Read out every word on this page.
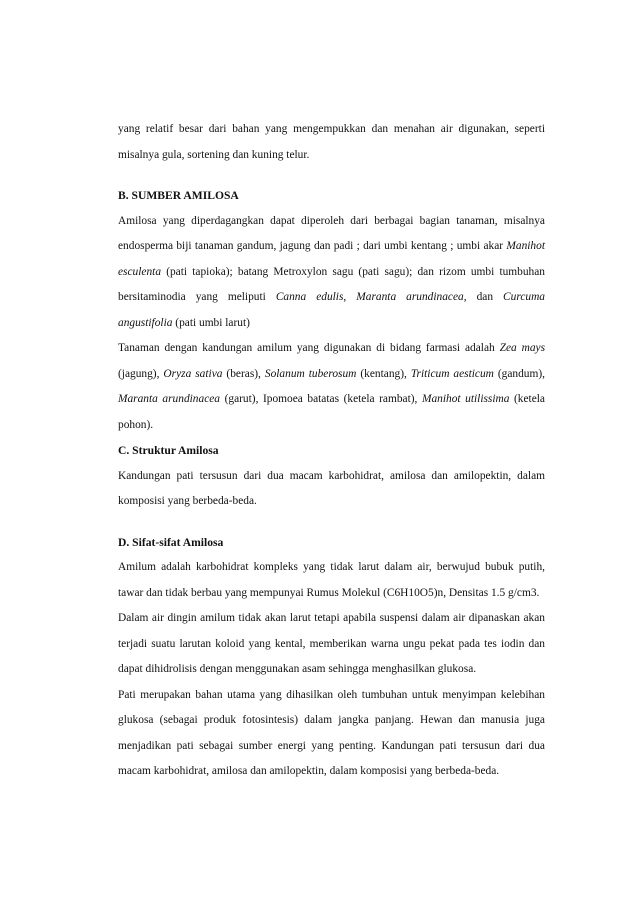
yang relatif besar dari bahan yang mengempukkan dan menahan air digunakan, seperti misalnya gula, sortening dan kuning telur.

B. SUMBER AMILOSA

Amilosa yang diperdagangkan dapat diperoleh dari berbagai bagian tanaman, misalnya endosperma biji tanaman gandum, jagung dan padi ; dari umbi kentang ; umbi akar Manihot esculenta (pati tapioka); batang Metroxylon sagu (pati sagu); dan rizom umbi tumbuhan bersitaminodia yang meliputi Canna edulis, Maranta arundinacea, dan Curcuma angustifolia (pati umbi larut)

Tanaman dengan kandungan amilum yang digunakan di bidang farmasi adalah Zea mays (jagung), Oryza sativa (beras), Solanum tuberosum (kentang), Triticum aesticum (gandum), Maranta arundinacea (garut), Ipomoea batatas (ketela rambat), Manihot utilissima (ketela pohon).

C. Struktur Amilosa

Kandungan pati tersusun dari dua macam karbohidrat, amilosa dan amilopektin, dalam komposisi yang berbeda-beda.

D. Sifat-sifat Amilosa

Amilum adalah karbohidrat kompleks yang tidak larut dalam air, berwujud bubuk putih, tawar dan tidak berbau yang mempunyai Rumus Molekul (C6H10O5)n, Densitas 1.5 g/cm3.

Dalam air dingin amilum tidak akan larut tetapi apabila suspensi dalam air dipanaskan akan terjadi suatu larutan koloid yang kental, memberikan warna ungu pekat pada tes iodin dan dapat dihidrolisis dengan menggunakan asam sehingga menghasilkan glukosa.

Pati merupakan bahan utama yang dihasilkan oleh tumbuhan untuk menyimpan kelebihan glukosa (sebagai produk fotosintesis) dalam jangka panjang. Hewan dan manusia juga menjadikan pati sebagai sumber energi yang penting. Kandungan pati tersusun dari dua macam karbohidrat, amilosa dan amilopektin, dalam komposisi yang berbeda-beda.
